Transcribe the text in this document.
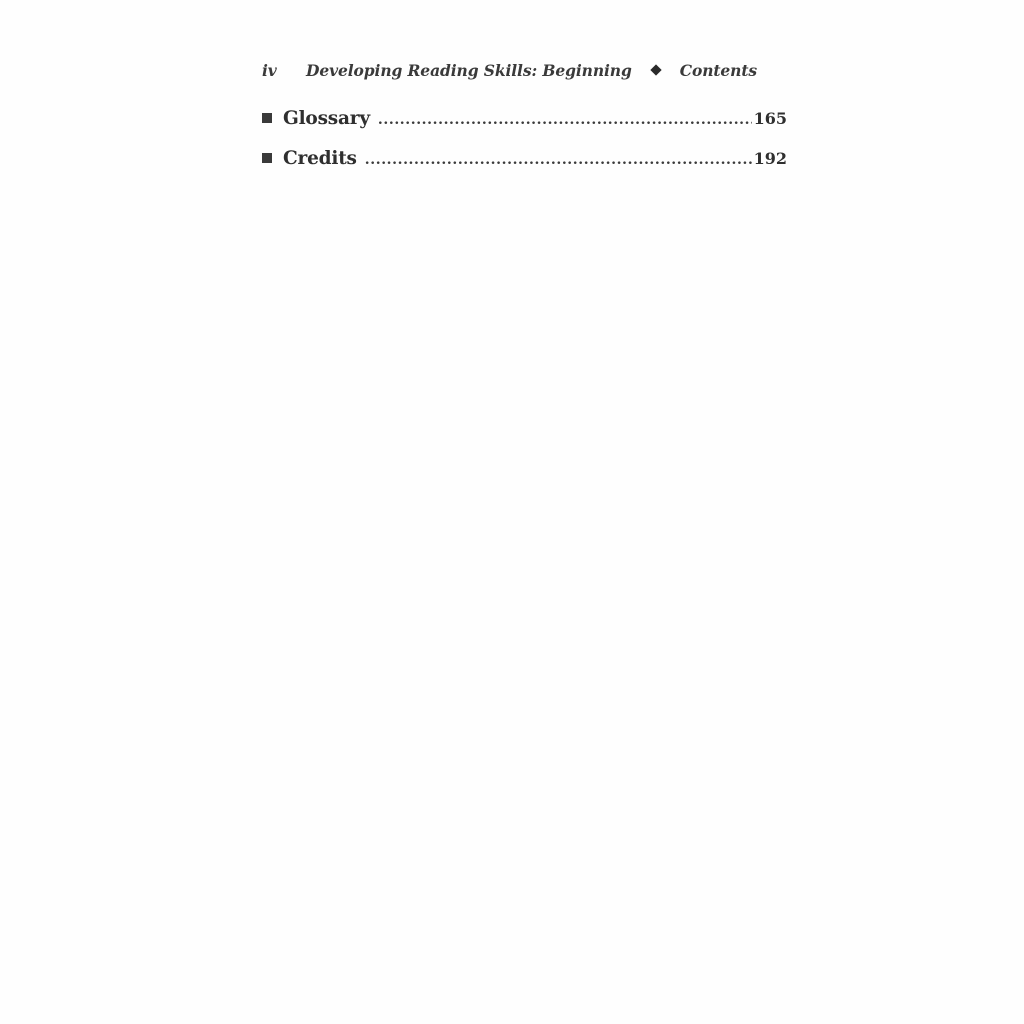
iv	Developing Reading Skills: Beginning	Contents
Glossary .....	165
Credits .....	192
